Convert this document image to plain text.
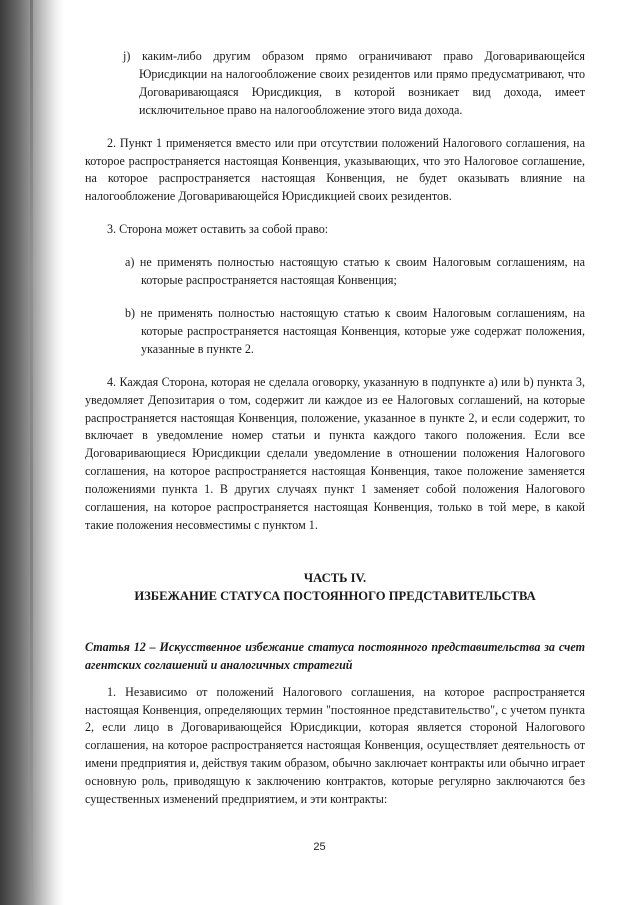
j) каким-либо другим образом прямо ограничивают право Договаривающейся Юрисдикции на налогообложение своих резидентов или прямо предусматривают, что Договаривающаяся Юрисдикция, в которой возникает вид дохода, имеет исключительное право на налогообложение этого вида дохода.

2. Пункт 1 применяется вместо или при отсутствии положений Налогового соглашения, на которое распространяется настоящая Конвенция, указывающих, что это Налоговое соглашение, на которое распространяется настоящая Конвенция, не будет оказывать влияние на налогообложение Договаривающейся Юрисдикцией своих резидентов.

3. Сторона может оставить за собой право:

a) не применять полностью настоящую статью к своим Налоговым соглашениям, на которые распространяется настоящая Конвенция;

b) не применять полностью настоящую статью к своим Налоговым соглашениям, на которые распространяется настоящая Конвенция, которые уже содержат положения, указанные в пункте 2.

4. Каждая Сторона, которая не сделала оговорку, указанную в подпункте a) или b) пункта 3, уведомляет Депозитария о том, содержит ли каждое из ее Налоговых соглашений, на которые распространяется настоящая Конвенция, положение, указанное в пункте 2, и если содержит, то включает в уведомление номер статьи и пункта каждого такого положения. Если все Договаривающиеся Юрисдикции сделали уведомление в отношении положения Налогового соглашения, на которое распространяется настоящая Конвенция, такое положение заменяется положениями пункта 1. В других случаях пункт 1 заменяет собой положения Налогового соглашения, на которое распространяется настоящая Конвенция, только в той мере, в какой такие положения несовместимы с пунктом 1.

ЧАСТЬ IV.

ИЗБЕЖАНИЕ СТАТУСА ПОСТОЯННОГО ПРЕДСТАВИТЕЛЬСТВА

Статья 12 – Искусственное избежание статуса постоянного представительства за счет агентских соглашений и аналогичных стратегий

1. Независимо от положений Налогового соглашения, на которое распространяется настоящая Конвенция, определяющих термин "постоянное представительство", с учетом пункта 2, если лицо в Договаривающейся Юрисдикции, которая является стороной Налогового соглашения, на которое распространяется настоящая Конвенция, осуществляет деятельность от имени предприятия и, действуя таким образом, обычно заключает контракты или обычно играет основную роль, приводящую к заключению контрактов, которые регулярно заключаются без существенных изменений предприятием, и эти контракты:

25
